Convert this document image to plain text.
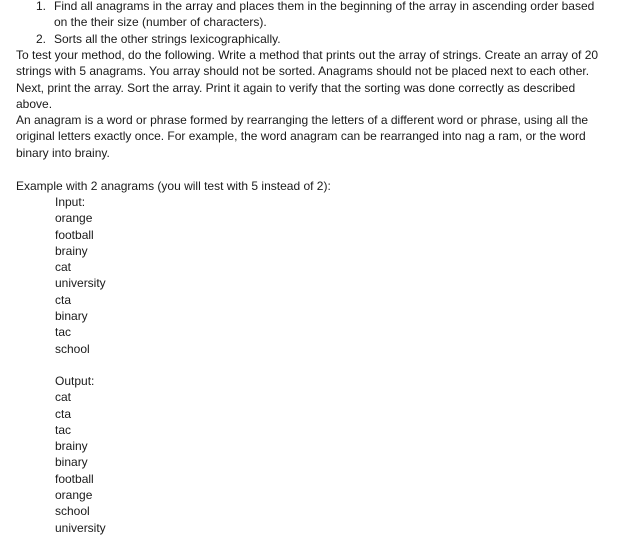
1. Find all anagrams in the array and places them in the beginning of the array in ascending order based on the their size (number of characters).
2. Sorts all the other strings lexicographically.

To test your method, do the following. Write a method that prints out the array of strings. Create an array of 20 strings with 5 anagrams. You array should not be sorted. Anagrams should not be placed next to each other. Next, print the array. Sort the array. Print it again to verify that the sorting was done correctly as described above.

An anagram is a word or phrase formed by rearranging the letters of a different word or phrase, using all the original letters exactly once. For example, the word anagram can be rearranged into nag a ram, or the word binary into brainy.

Example with 2 anagrams (you will test with 5 instead of 2):

Input:
orange
football
brainy
cat
university
cta
binary
tac
school
Output:
cat
cta
tac
brainy
binary
football
orange
school
university
